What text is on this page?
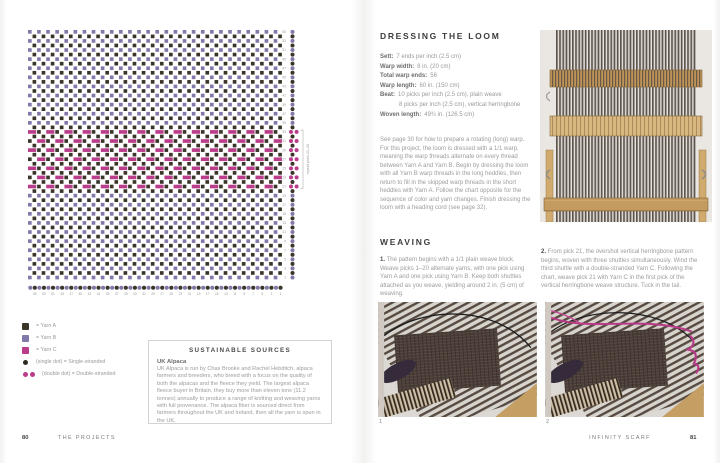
55
53
51
49
47
45
43
41
39
37
35
33
31
29
27
25
23
21
19
17
15
13
11
9
7
5
3
1
repeat picks 21–26
55 53 51 49 47 45 43 41 39 37 35 33 31 29 27 25 23 21 19 17 15 13 11 9 7 5 3 1
= Yarn A
= Yarn B
= Yarn C
(single dot) = Single-stranded
(double dot) = Double-stranded
SUSTAINABLE SOURCES
UK Alpaca
UK Alpaca is run by Chas Brooke and Rachel Hebditch, alpaca farmers and breeders, who breed with a focus on the quality of both the alpacas and the fleece they yield. The largest alpaca fleece buyer in Britain, they buy more than eleven tons (11.2 tonnes) annually to produce a range of knitting and weaving yarns with full provenance. The alpaca fiber is sourced direct from farmers throughout the UK and Ireland, then all the yarn is spun in the UK.
80	THE PROJECTS
DRESSING THE LOOM
Sett: 7 ends per inch (2.5 cm)
Warp width: 8 in. (20 cm)
Total warp ends: 56
Warp length: 60 in. (150 cm)
Beat: 10 picks per inch (2.5 cm), plain weave
8 picks per inch (2.5 cm), vertical herringbone
Woven length: 49¾ in. (126.5 cm)
See page 30 for how to prepare a rotating (long) warp. For this project, the loom is dressed with a 1/1 warp, meaning the warp threads alternate on every thread between Yarn A and Yarn B. Begin by dressing the loom with all Yarn B warp threads in the long heddles, then return to fill in the skipped warp threads in the short heddles with Yarn A. Follow the chart opposite for the sequence of color and yarn changes. Finish dressing the loom with a heading cord (see page 32).
WEAVING
1. The pattern begins with a 1/1 plain weave block. Weave picks 1–20 alternate yarns, with one pick using Yarn A and one pick using Yarn B. Keep both shuttles attached as you weave, yielding around 2 in. (5 cm) of weaving.
2. From pick 21, the overshot vertical herringbone pattern begins, woven with three shuttles simultaneously. Wind the third shuttle with a double-stranded Yarn C. Following the chart, weave pick 21 with Yarn C in the first pick of the vertical herringbone weave structure. Tuck in the tail.
1	2
INFINITY SCARF	81
